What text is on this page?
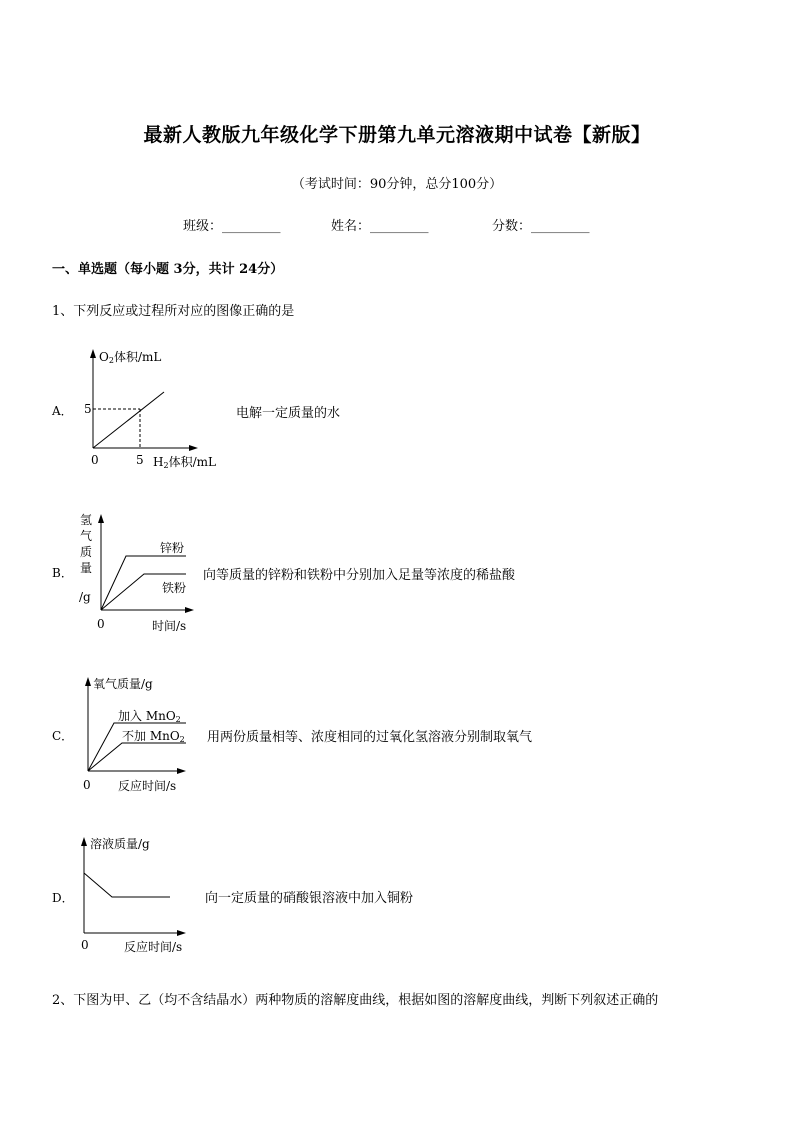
最新人教版九年级化学下册第九单元溶液期中试卷【新版】
（考试时间：90分钟，总分100分）
班级：_________	姓名：_________	分数：_________
一、单选题（每小题 3分，共计 24分）
1、下列反应或过程所对应的图像正确的是
A．
O2体积/mL
5
0	5 H2体积/mL
电解一定质量的水
B．
氢
气
质
量
/g
锌粉
铁粉
0	时间/s
向等质量的锌粉和铁粉中分别加入足量等浓度的稀盐酸
C．
氧气质量/g
加入 MnO2
不加 MnO2
0 反应时间/s
用两份质量相等、浓度相同的过氧化氢溶液分别制取氧气
D．
溶液质量/g
0	反应时间/s
向一定质量的硝酸银溶液中加入铜粉
2、下图为甲、乙（均不含结晶水）两种物质的溶解度曲线，根据如图的溶解度曲线，判断下列叙述正确的
